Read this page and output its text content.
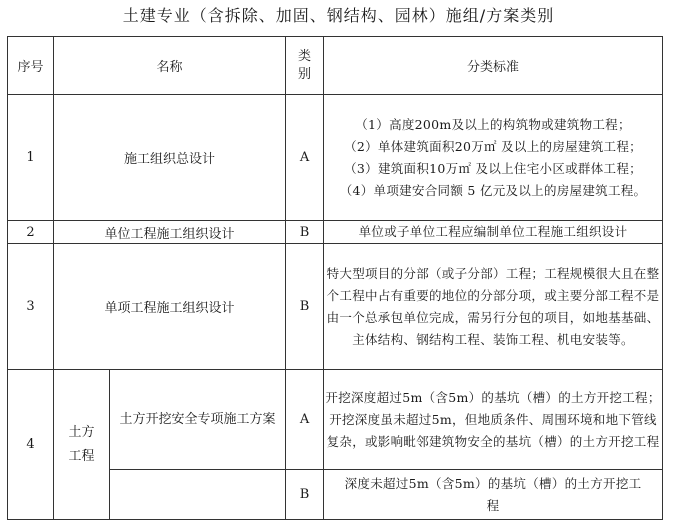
土建专业（含拆除、加固、钢结构、园林）施组/方案类别
序号	名称		类别	分类标准
1	施工组织总设计		A	（1）高度200m及以上的构筑物或建筑物工程；
（2）单体建筑面积20万㎡ 及以上的房屋建筑工程；
（3）建筑面积10万㎡ 及以上住宅小区或群体工程；
（4）单项建安合同额 5 亿元及以上的房屋建筑工程。

2	单位工程施工组织设计		B	单位或子单位工程应编制单位工程施工组织设计

3	单项工程施工组织设计		B	特大型项目的分部（或子分部）工程；工程规模很大且在整个工程中占有重要的地位的分部分项，或主要分部工程不是由一个总承包单位完成，需另行分包的项目，如地基基础、主体结构、钢结构工程、装饰工程、机电安装等。

4	土方工程	土方开挖安全专项施工方案	A	开挖深度超过5m（含5m）的基坑（槽）的土方开挖工程；开挖深度虽未超过5m，但地质条件、周围环境和地下管线复杂，或影响毗邻建筑物安全的基坑（槽）的土方开挖工程
			B	深度未超过5m（含5m）的基坑（槽）的土方开挖工程
